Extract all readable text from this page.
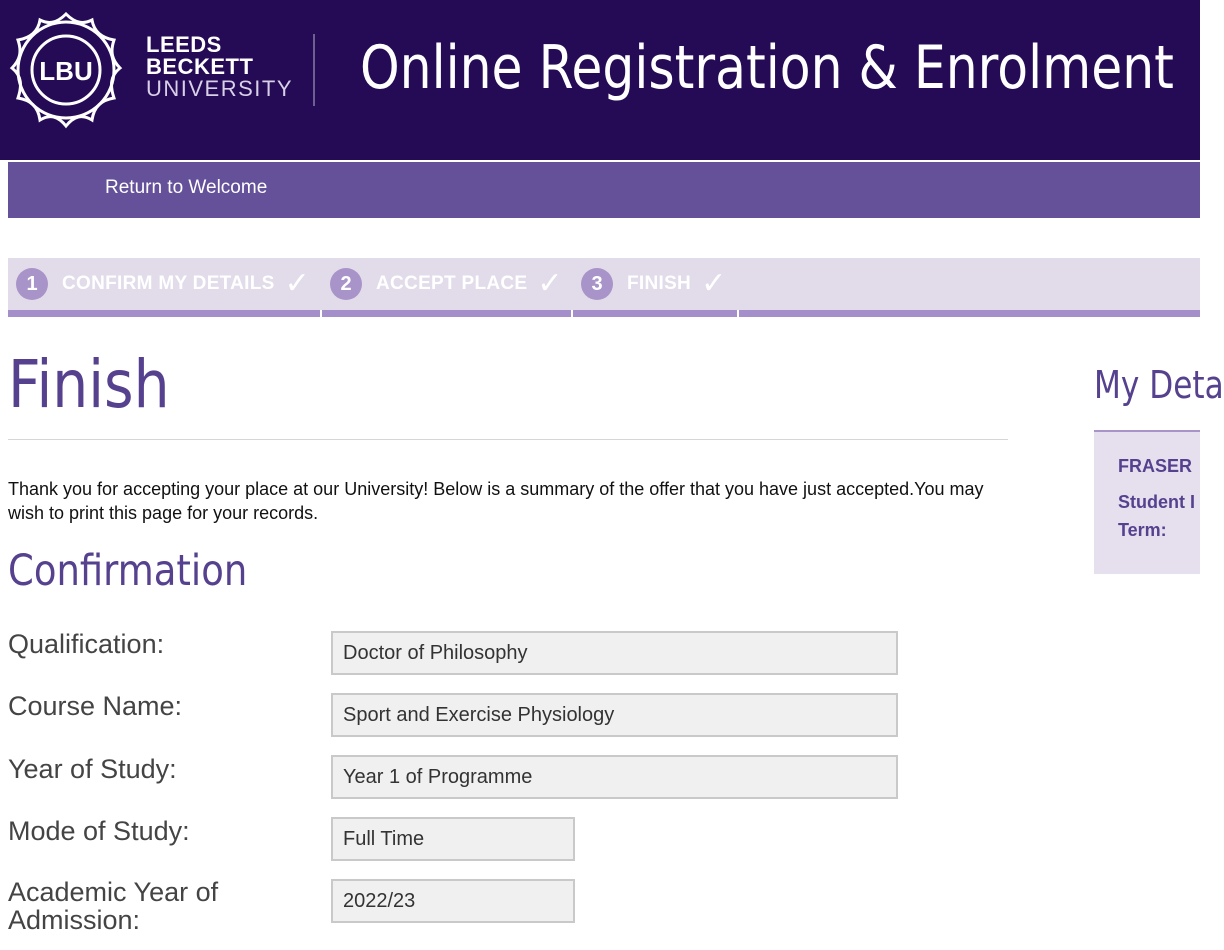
LBU
LEEDS
BECKETT
UNIVERSITY Online Registration & Enrolment
Return to Welcome
1	CONFIRM MY DETAILS ✓	2	ACCEPT PLACE ✓	3	FINISH ✓
Finish

Thank you for accepting your place at our University! Below is a summary of the offer that you have just accepted.You may wish to print this page for your records.

Confirmation
Qualification:
Doctor of Philosophy
Course Name:
Sport and Exercise Physiology
Year of Study:
Year 1 of Programme
Mode of Study:
Full Time
Academic Year of Admission:
2022/23
My Deta
FRASER
Student I
Term:
